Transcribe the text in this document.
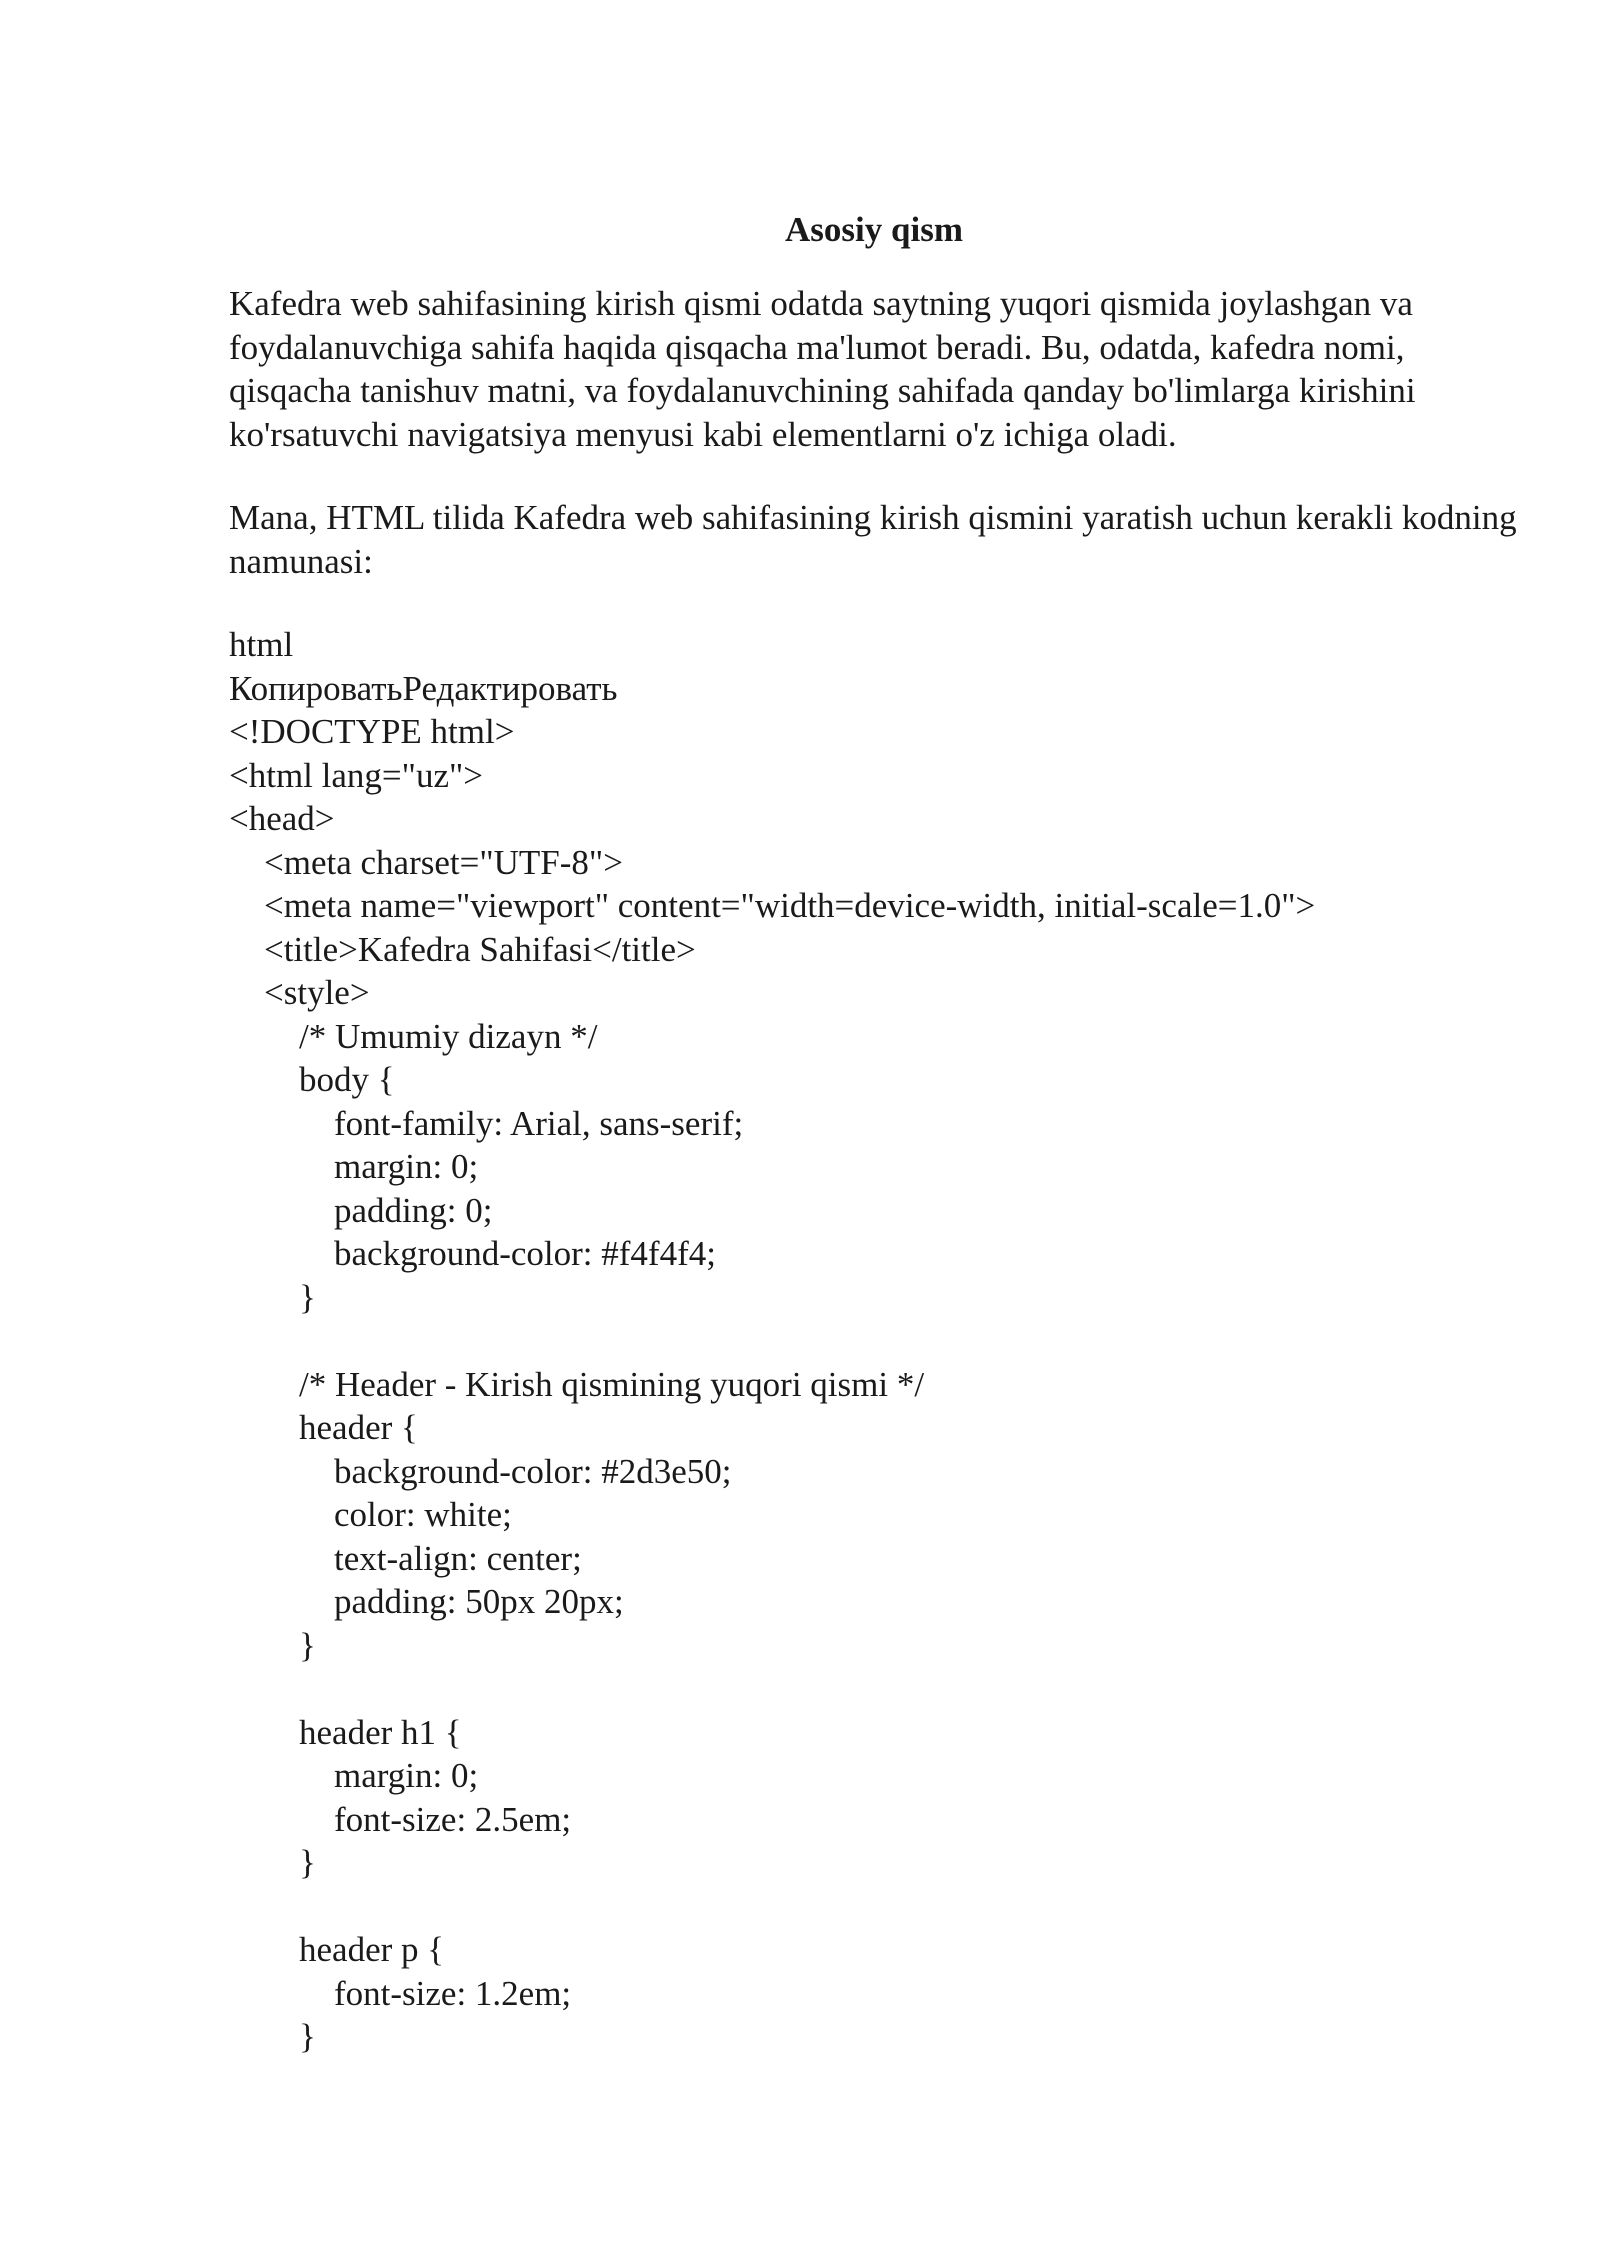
Asosiy qism
Kafedra web sahifasining kirish qismi odatda saytning yuqori qismida joylashgan va foydalanuvchiga sahifa haqida qisqacha ma'lumot beradi. Bu, odatda, kafedra nomi, qisqacha tanishuv matni, va foydalanuvchining sahifada qanday bo'limlarga kirishini ko'rsatuvchi navigatsiya menyusi kabi elementlarni o'z ichiga oladi.
Mana, HTML tilida Kafedra web sahifasining kirish qismini yaratish uchun kerakli kodning namunasi:
html
КопироватьРедактировать
<!DOCTYPE html>
<html lang="uz">
<head>
<meta charset="UTF-8">
<meta name="viewport" content="width=device-width, initial-scale=1.0">
<title>Kafedra Sahifasi</title>
<style>
/* Umumiy dizayn */
body {
font-family: Arial, sans-serif;
margin: 0;
padding: 0;
background-color: #f4f4f4;
}
/* Header - Kirish qismining yuqori qismi */
header {
background-color: #2d3e50;
color: white;
text-align: center;
padding: 50px 20px;
}
header h1 {
margin: 0;
font-size: 2.5em;
}
header p {
font-size: 1.2em;
}
